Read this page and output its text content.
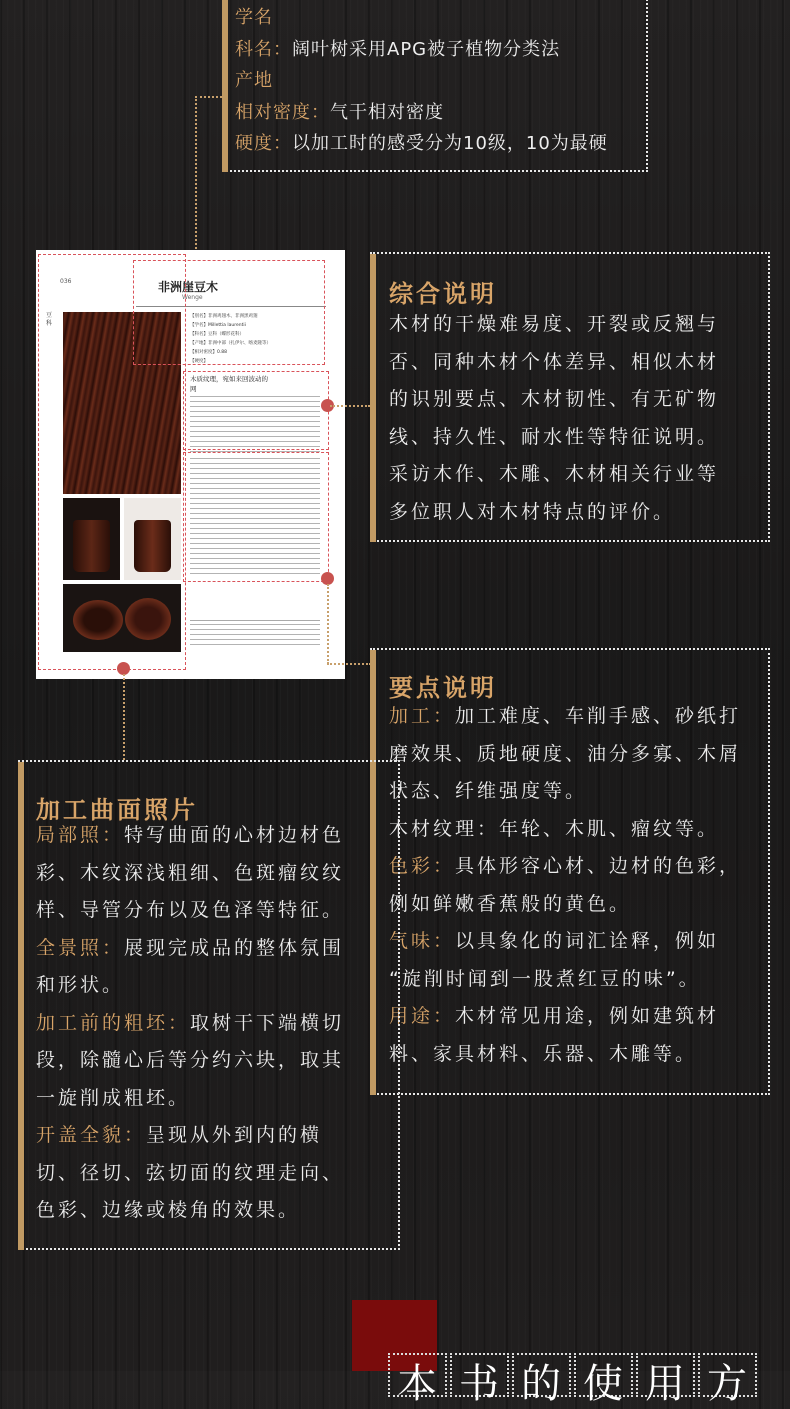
学名
科名：阔叶树采用APG被子植物分类法
产地
相对密度：气干相对密度
硬度：以加工时的感受分为10级，10为最硬
036
豆科
非洲崖豆木
Wenge
【别名】非洲鸡翅木、非洲黑鸡翅
【学名】Millettia laurentii
【科名】豆科（蝶形花科）
【产地】非洲中部（扎伊尔、喀麦隆等）
【相对密度】0.88
【硬度】
木质纹理，宛如来回波动的网
综合说明
木材的干燥难易度、开裂或反翘与
否、同种木材个体差异、相似木材
的识别要点、木材韧性、有无矿物
线、持久性、耐水性等特征说明。
采访木作、木雕、木材相关行业等
多位职人对木材特点的评价。
要点说明
加工：加工难度、车削手感、砂纸打
磨效果、质地硬度、油分多寡、木屑
状态、纤维强度等。
木材纹理：年轮、木肌、瘤纹等。
色彩：具体形容心材、边材的色彩，
例如鲜嫩香蕉般的黄色。
气味：以具象化的词汇诠释，例如
“旋削时闻到一股煮红豆的味”。
用途：木材常见用途，例如建筑材
料、家具材料、乐器、木雕等。
加工曲面照片
局部照：特写曲面的心材边材色
彩、木纹深浅粗细、色斑瘤纹纹
样、导管分布以及色泽等特征。
全景照：展现完成品的整体氛围
和形状。
加工前的粗坯：取树干下端横切
段，除髓心后等分约六块，取其
一旋削成粗坯。
开盖全貌：呈现从外到内的横
切、径切、弦切面的纹理走向、
色彩、边缘或棱角的效果。
本 书 的 使 用 方
